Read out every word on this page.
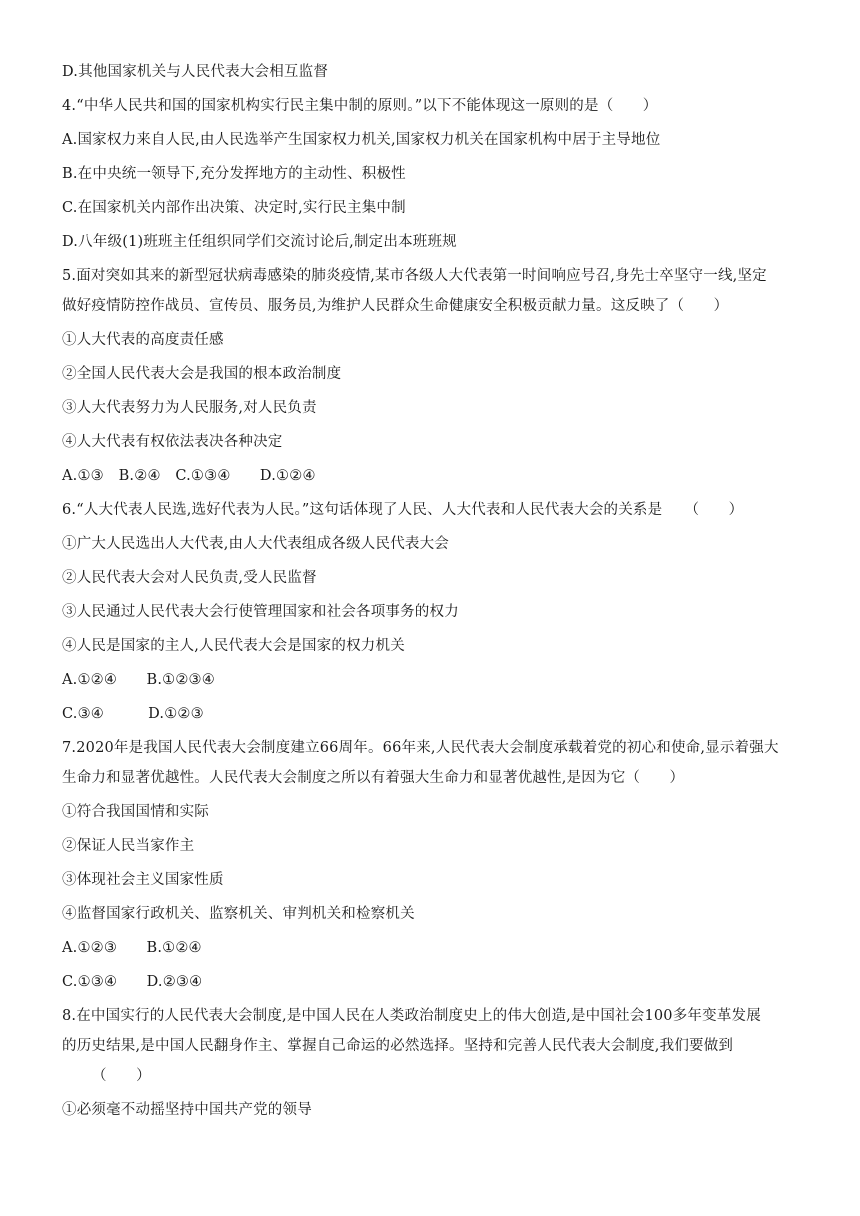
D.其他国家机关与人民代表大会相互监督
4.“中华人民共和国的国家机构实行民主集中制的原则。”以下不能体现这一原则的是（　　）
A.国家权力来自人民,由人民选举产生国家权力机关,国家权力机关在国家机构中居于主导地位
B.在中央统一领导下,充分发挥地方的主动性、积极性
C.在国家机关内部作出决策、决定时,实行民主集中制
D.八年级(1)班班主任组织同学们交流讨论后,制定出本班班规
5.面对突如其来的新型冠状病毒感染的肺炎疫情,某市各级人大代表第一时间响应号召,身先士卒坚守一线,坚定
做好疫情防控作战员、宣传员、服务员,为维护人民群众生命健康安全积极贡献力量。这反映了（　　）
①人大代表的高度责任感
②全国人民代表大会是我国的根本政治制度
③人大代表努力为人民服务,对人民负责
④人大代表有权依法表决各种决定
A.①③　B.②④　C.①③④　　D.①②④
6.“人大代表人民选,选好代表为人民。”这句话体现了人民、人大代表和人民代表大会的关系是　　（　　）
①广大人民选出人大代表,由人大代表组成各级人民代表大会
②人民代表大会对人民负责,受人民监督
③人民通过人民代表大会行使管理国家和社会各项事务的权力
④人民是国家的主人,人民代表大会是国家的权力机关
A.①②④　　B.①②③④
C.③④　　　D.①②③
7.2020年是我国人民代表大会制度建立66周年。66年来,人民代表大会制度承载着党的初心和使命,显示着强大
生命力和显著优越性。人民代表大会制度之所以有着强大生命力和显著优越性,是因为它（　　）
①符合我国国情和实际
②保证人民当家作主
③体现社会主义国家性质
④监督国家行政机关、监察机关、审判机关和检察机关
A.①②③　　B.①②④
C.①③④　　D.②③④
8.在中国实行的人民代表大会制度,是中国人民在人类政治制度史上的伟大创造,是中国社会100多年变革发展
的历史结果,是中国人民翻身作主、掌握自己命运的必然选择。坚持和完善人民代表大会制度,我们要做到
（　　）
①必须毫不动摇坚持中国共产党的领导
